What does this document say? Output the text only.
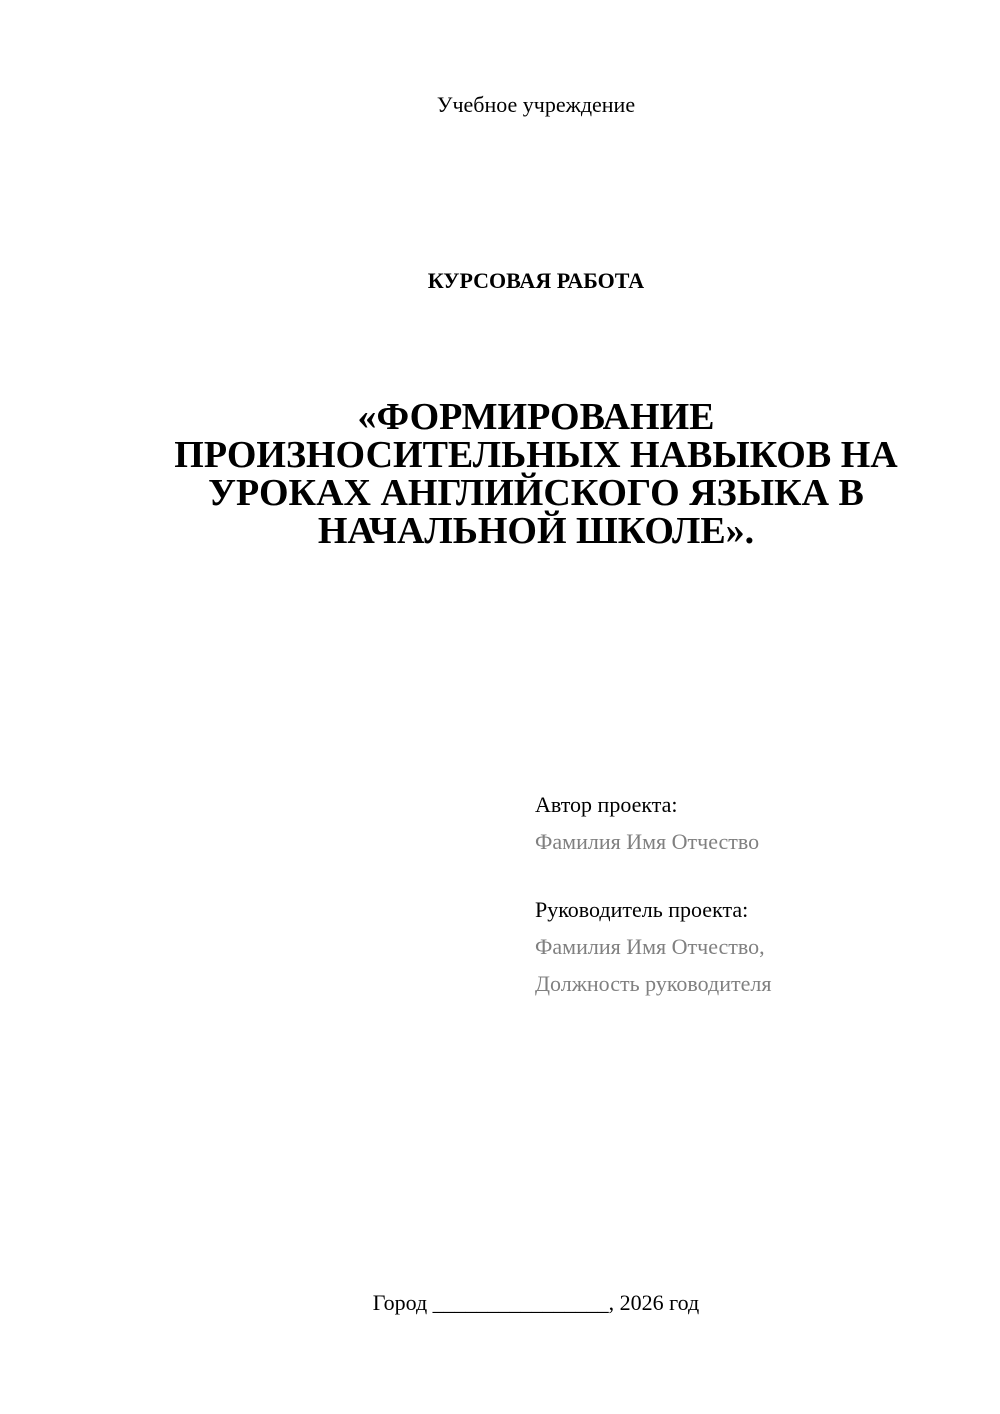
Учебное учреждение
КУРСОВАЯ РАБОТА
«ФОРМИРОВАНИЕ
ПРОИЗНОСИТЕЛЬНЫХ НАВЫКОВ НА
УРОКАХ АНГЛИЙСКОГО ЯЗЫКА В
НАЧАЛЬНОЙ ШКОЛЕ».
Автор проекта:
Фамилия Имя Отчество
Руководитель проекта:
Фамилия Имя Отчество,
Должность руководителя
Город ________________, 2026 год
